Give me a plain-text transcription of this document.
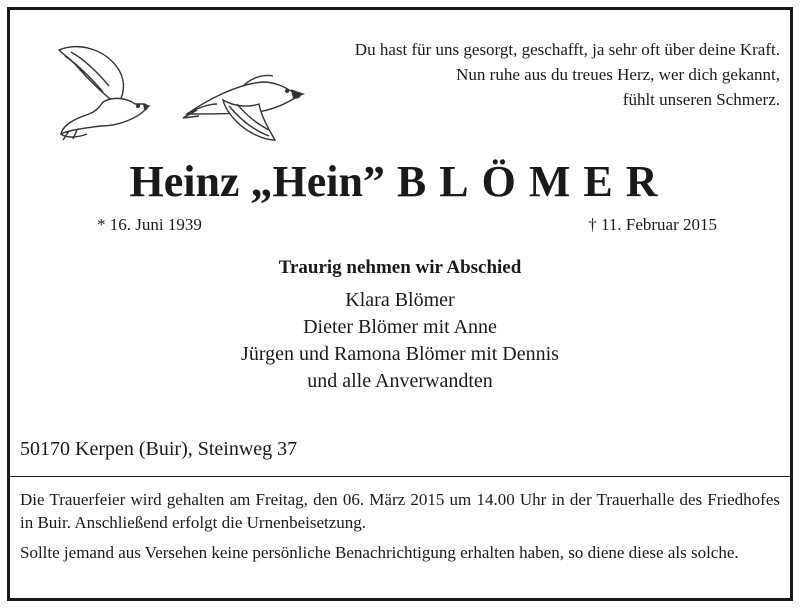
Du hast für uns gesorgt, geschafft, ja sehr oft über deine Kraft.
Nun ruhe aus du treues Herz, wer dich gekannt,
fühlt unseren Schmerz.
Heinz „Hein” BLÖMER
* 16. Juni 1939	† 11. Februar 2015
Traurig nehmen wir Abschied
Klara Blömer
Dieter Blömer mit Anne
Jürgen und Ramona Blömer mit Dennis
und alle Anverwandten
50170 Kerpen (Buir), Steinweg 37

Die Trauerfeier wird gehalten am Freitag, den 06. März 2015 um 14.00 Uhr in der Trauerhalle des Friedhofes in Buir. Anschließend erfolgt die Urnenbeisetzung.

Sollte jemand aus Versehen keine persönliche Benachrichtigung erhalten haben, so diene diese als solche.
